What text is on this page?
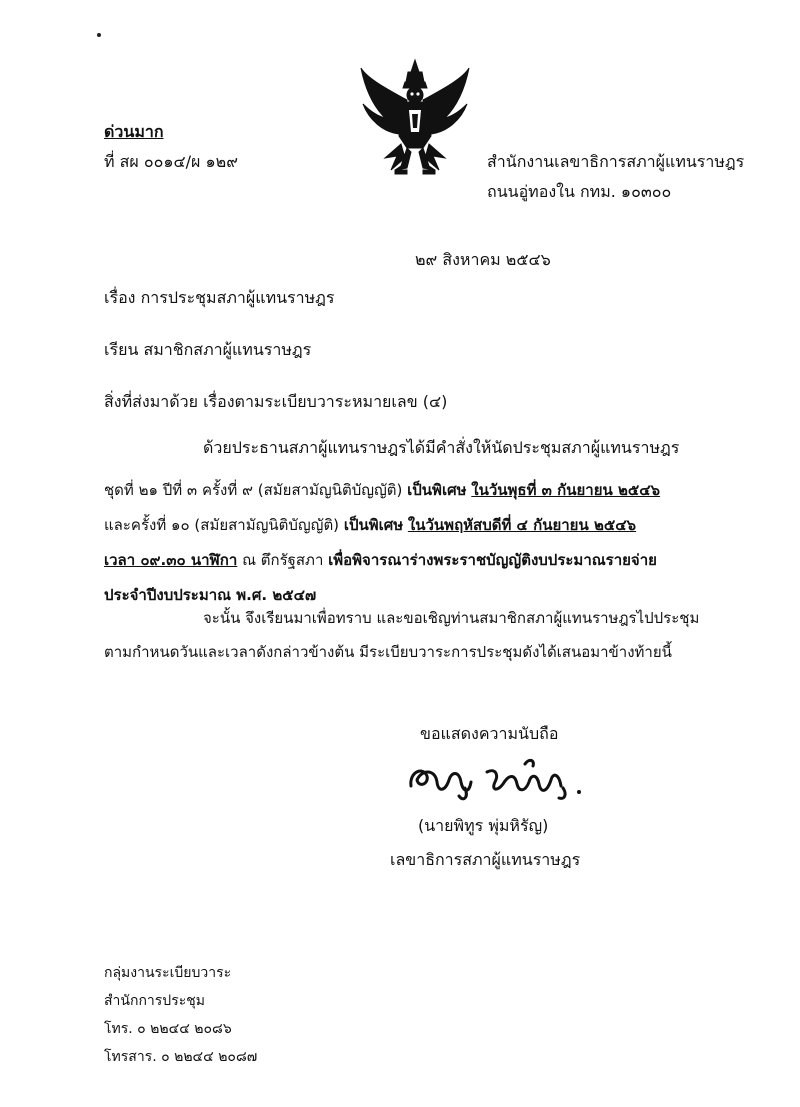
ด่วนมาก
ที่ สผ ๐๐๑๔/ผ ๑๒๙	สำนักงานเลขาธิการสภาผู้แทนราษฎร
ถนนอู่ทองใน กทม. ๑๐๓๐๐
๒๙ สิงหาคม ๒๕๔๖
เรื่อง การประชุมสภาผู้แทนราษฎร
เรียน สมาชิกสภาผู้แทนราษฎร
สิ่งที่ส่งมาด้วย เรื่องตามระเบียบวาระหมายเลข (๔)
ด้วยประธานสภาผู้แทนราษฎรได้มีคำสั่งให้นัดประชุมสภาผู้แทนราษฎร
ชุดที่ ๒๑ ปีที่ ๓ ครั้งที่ ๙ (สมัยสามัญนิติบัญญัติ) เป็นพิเศษ ในวันพุธที่ ๓ กันยายน ๒๕๔๖
และครั้งที่ ๑๐ (สมัยสามัญนิติบัญญัติ) เป็นพิเศษ ในวันพฤหัสบดีที่ ๔ กันยายน ๒๕๔๖
เวลา ๐๙.๓๐ นาฬิกา ณ ตึกรัฐสภา เพื่อพิจารณาร่างพระราชบัญญัติงบประมาณรายจ่าย
ประจำปีงบประมาณ พ.ศ. ๒๕๔๗
จะนั้น จึงเรียนมาเพื่อทราบ และขอเชิญท่านสมาชิกสภาผู้แทนราษฎรไปประชุม
ตามกำหนดวันและเวลาดังกล่าวข้างต้น มีระเบียบวาระการประชุมดังได้เสนอมาข้างท้ายนี้
ขอแสดงความนับถือ
(นายพิทูร พุ่มหิรัญ)
เลขาธิการสภาผู้แทนราษฎร
กลุ่มงานระเบียบวาระ
สำนักการประชุม
โทร. ๐ ๒๒๔๔ ๒๐๘๖
โทรสาร. ๐ ๒๒๔๔ ๒๐๘๗
